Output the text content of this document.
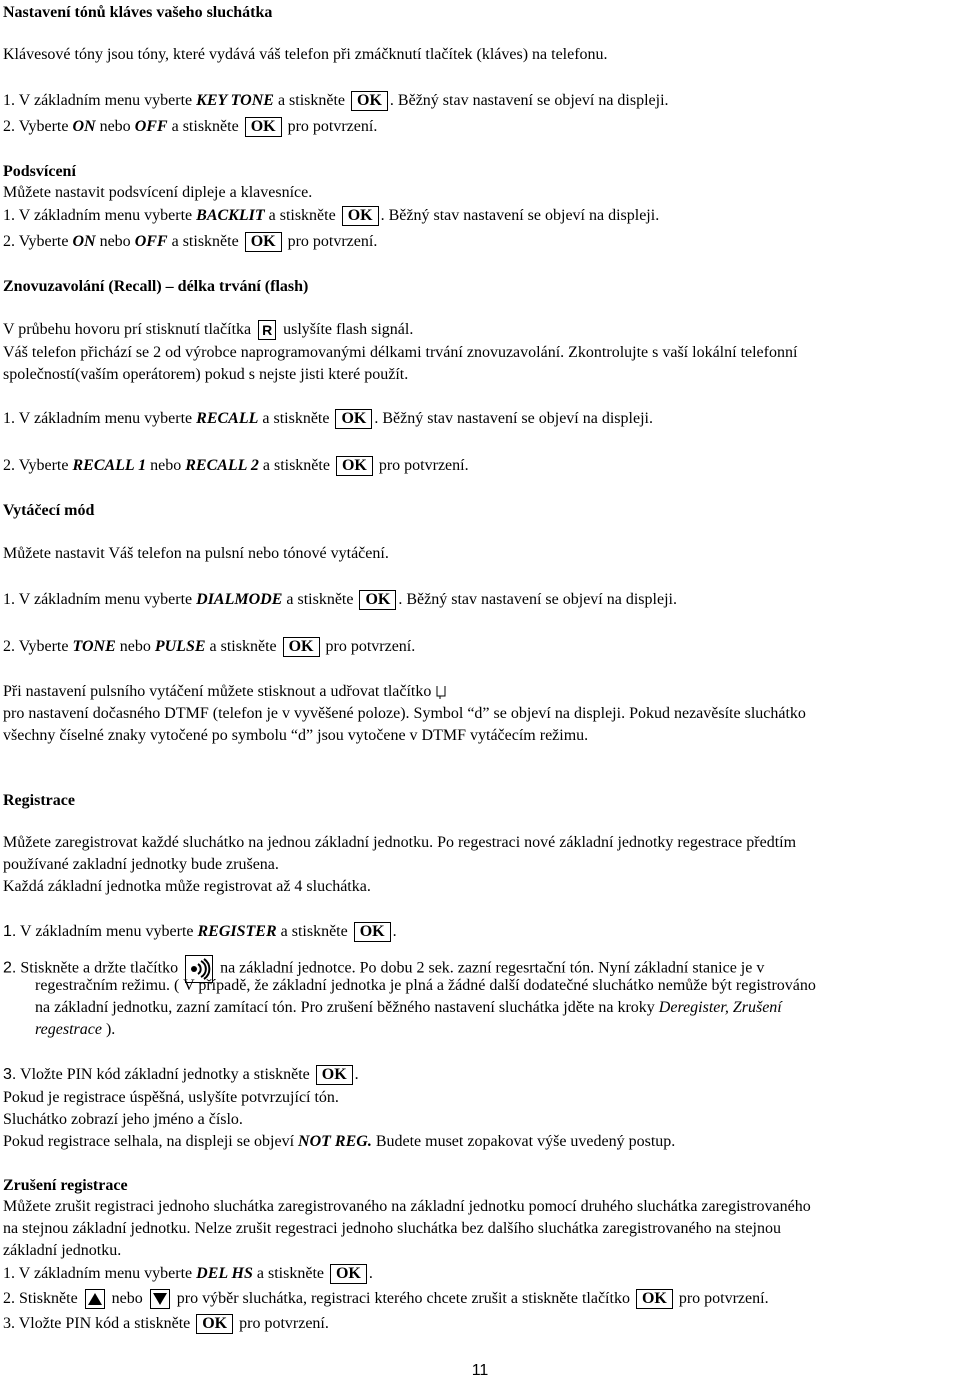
Nastavení tónů kláves vašeho sluchátka
Klávesové tóny jsou tóny, které vydává váš telefon při zmáčknutí tlačítek (kláves) na telefonu.
1. V základním menu vyberte KEY TONE a stiskněte OK . Běžný stav nastavení se objeví na displeji.
2. Vyberte ON nebo OFF a stiskněte OK pro potvrzení.
Podsvícení
Můžete nastavit podsvícení dipleje a klavesníce.
1. V základním menu vyberte BACKLIT a stiskněte OK . Běžný stav nastavení se objeví na displeji.
2. Vyberte ON nebo OFF a stiskněte OK pro potvrzení.
Znovuzavolání (Recall) – délka trvání (flash)
V průbehu hovoru prí stisknutí tlačítka R uslyšíte flash signál.
Váš telefon přichází se 2 od výrobce naprogramovanými délkami trvání znovuzavolání. Zkontrolujte s vaší lokální telefonní
společností(vaším operátorem) pokud s nejste jisti které použít.
1. V základním menu vyberte RECALL a stiskněte OK . Běžný stav nastavení se objeví na displeji.
2. Vyberte RECALL 1 nebo RECALL 2 a stiskněte OK pro potvrzení.
Vytáčecí mód
Můžete nastavit Váš telefon na pulsní nebo tónové vytáčení.
1. V základním menu vyberte DIALMODE a stiskněte OK . Běžný stav nastavení se objeví na displeji.
2. Vyberte TONE nebo PULSE a stiskněte OK pro potvrzení.
Při nastavení pulsního vytáčení můžete stisknout a udřovat tlačítko
pro nastavení dočasného DTMF (telefon je v vyvěšené poloze). Symbol “d” se objeví na displeji. Pokud nezavěsíte sluchátko
všechny číselné znaky vytočené po symbolu “d” jsou vytočene v DTMF vytáčecím režimu.
Registrace
Můžete zaregistrovat každé sluchátko na jednou základní jednotku. Po regestraci nové základní jednotky regestrace předtím
používané zakladní jednotky bude zrušena.
Každá základní jednotka může registrovat až 4 sluchátka.
1. V základním menu vyberte REGISTER a stiskněte OK .
2. Stiskněte a držte tlačítko
na základní jednotce. Po dobu 2 sek. zazní regesrtační tón. Nyní základní stanice je v
regestračním režimu. ( V případě, že základní jednotka je plná a žádné další dodatečné sluchátko nemůže být registrováno
na základní jednotku, zazní zamítací tón. Pro zrušení běžného nastavení sluchátka jděte na kroky Deregister, Zrušení
regestrace ).
3. Vložte PIN kód základní jednotky a stiskněte OK .
Pokud je registrace úspěšná, uslyšíte potvrzující tón.
Sluchátko zobrazí jeho jméno a číslo.
Pokud registrace selhala, na displeji se objeví NOT REG. Budete muset zopakovat výše uvedený postup.
Zrušení registrace
Můžete zrušit registraci jednoho sluchátka zaregistrovaného na základní jednotku pomocí druhého sluchátka zaregistrovaného
na stejnou základní jednotku. Nelze zrušit regestraci jednoho sluchátka bez dalšího sluchátka zaregistrovaného na stejnou
základní jednotku.
1. V základním menu vyberte DEL HS a stiskněte OK .
2. Stiskněte
nebo
pro výběr sluchátka, registraci kterého chcete zrušit a stiskněte tlačítko OK pro potvrzení.
3. Vložte PIN kód a stiskněte OK pro potvrzení.
11
